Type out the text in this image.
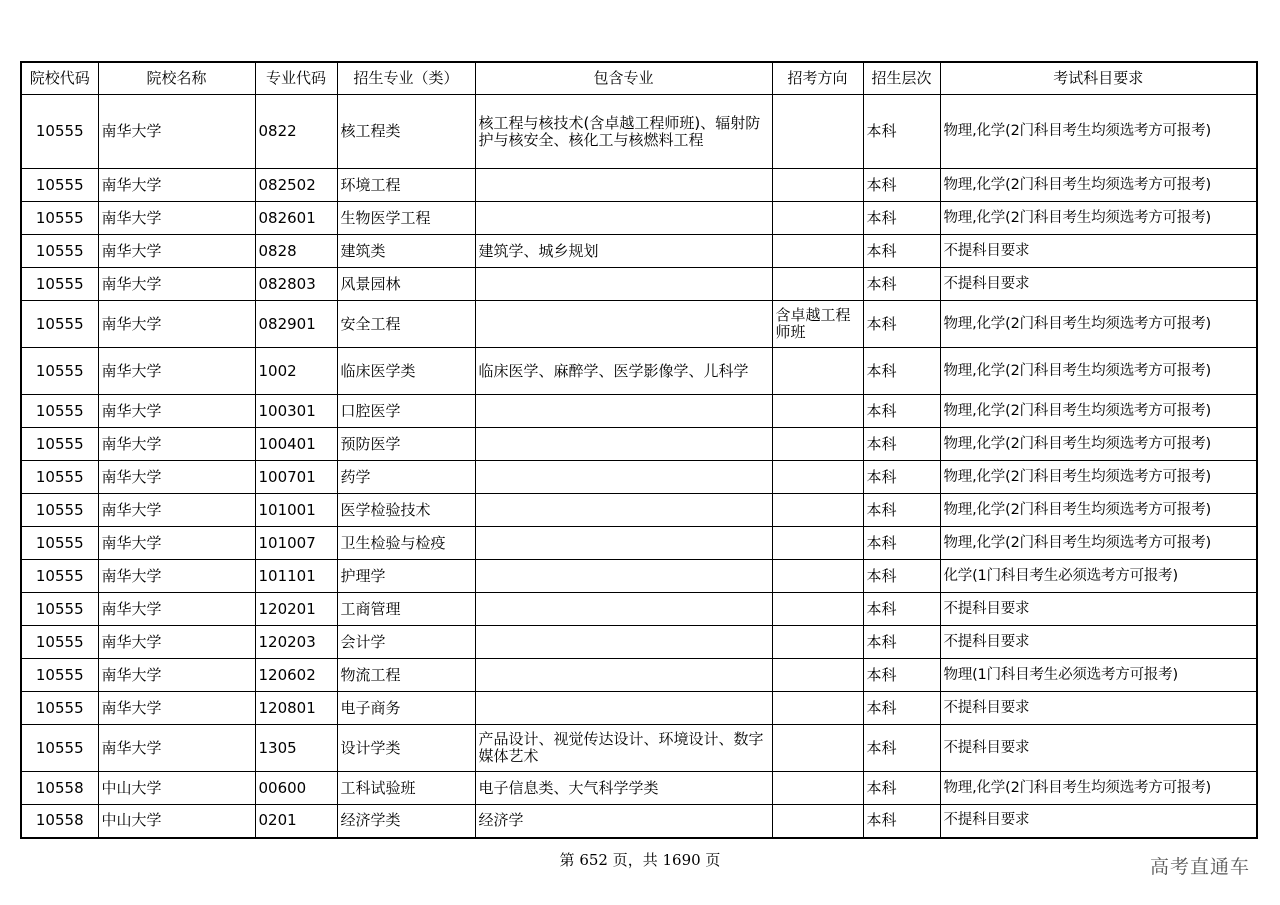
院校代码	院校名称	专业代码	招生专业（类）	包含专业	招考方向	招生层次	考试科目要求
10555	南华大学	0822	核工程类	核工程与核技术(含卓越工程师班)、辐射防护与核安全、核化工与核燃料工程		本科	物理,化学(2门科目考生均须选考方可报考)
10555	南华大学	082502	环境工程			本科	物理,化学(2门科目考生均须选考方可报考)
10555	南华大学	082601	生物医学工程			本科	物理,化学(2门科目考生均须选考方可报考)
10555	南华大学	0828	建筑类	建筑学、城乡规划		本科	不提科目要求
10555	南华大学	082803	风景园林			本科	不提科目要求
10555	南华大学	082901	安全工程		含卓越工程师班	本科	物理,化学(2门科目考生均须选考方可报考)
10555	南华大学	1002	临床医学类	临床医学、麻醉学、医学影像学、儿科学		本科	物理,化学(2门科目考生均须选考方可报考)
10555	南华大学	100301	口腔医学			本科	物理,化学(2门科目考生均须选考方可报考)
10555	南华大学	100401	预防医学			本科	物理,化学(2门科目考生均须选考方可报考)
10555	南华大学	100701	药学			本科	物理,化学(2门科目考生均须选考方可报考)
10555	南华大学	101001	医学检验技术			本科	物理,化学(2门科目考生均须选考方可报考)
10555	南华大学	101007	卫生检验与检疫			本科	物理,化学(2门科目考生均须选考方可报考)
10555	南华大学	101101	护理学			本科	化学(1门科目考生必须选考方可报考)
10555	南华大学	120201	工商管理			本科	不提科目要求
10555	南华大学	120203	会计学			本科	不提科目要求
10555	南华大学	120602	物流工程			本科	物理(1门科目考生必须选考方可报考)
10555	南华大学	120801	电子商务			本科	不提科目要求
10555	南华大学	1305	设计学类	产品设计、视觉传达设计、环境设计、数字媒体艺术		本科	不提科目要求
10558	中山大学	00600	工科试验班	电子信息类、大气科学学类		本科	物理,化学(2门科目考生均须选考方可报考)
10558	中山大学	0201	经济学类	经济学		本科	不提科目要求
第 652 页，共 1690 页	高考直通车
